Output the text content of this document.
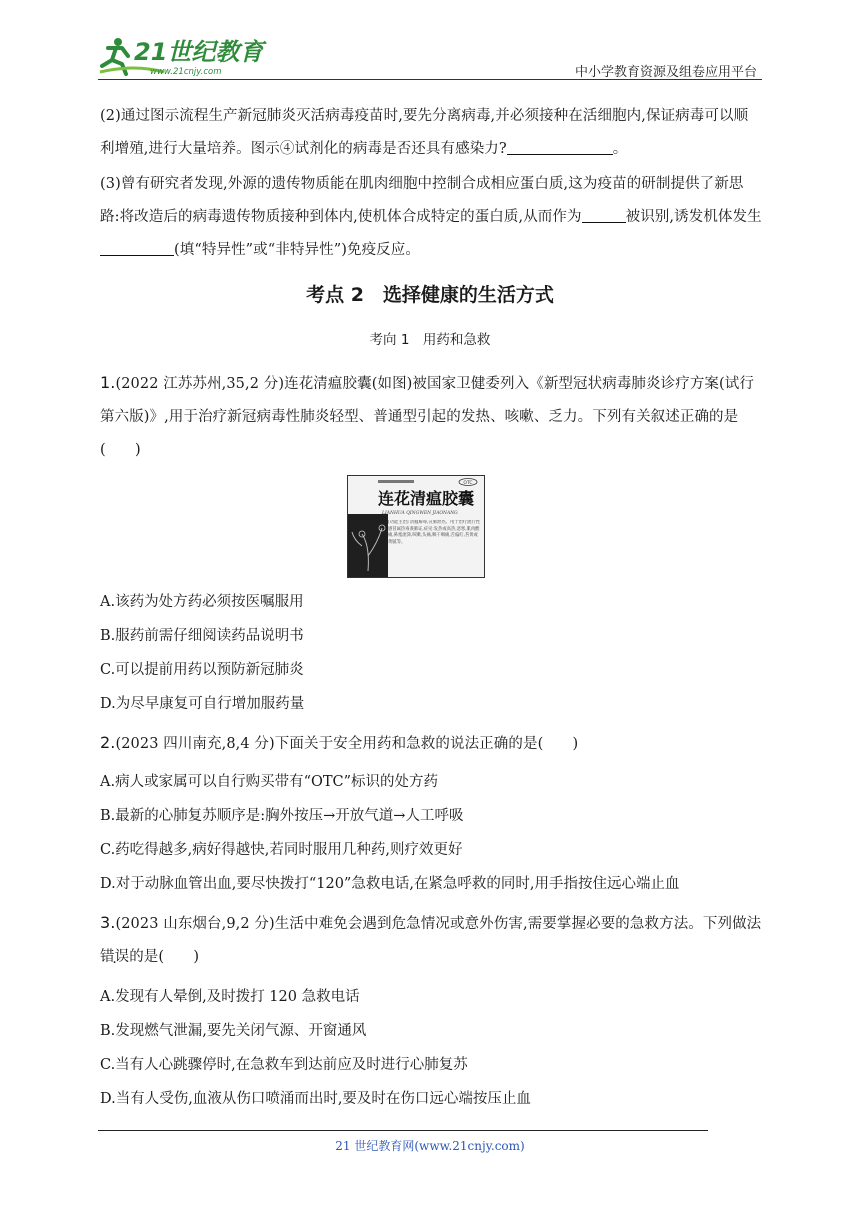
21世纪教育
www.21cnjy.com	中小学教育资源及组卷应用平台
(2)通过图示流程生产新冠肺炎灭活病毒疫苗时,要先分离病毒,并必须接种在活细胞内,保证病毒可以顺利增殖,进行大量培养。图示④试剂化的病毒是否还具有感染力?	。
(3)曾有研究者发现,外源的遗传物质能在肌肉细胞中控制合成相应蛋白质,这为疫苗的研制提供了新思路:将改造后的病毒遗传物质接种到体内,使机体合成特定的蛋白质,从而作为	被识别,诱发机体发生(填“特异性”或“非特异性”)免疫反应。
考点 2　选择健康的生活方式
考向 1　用药和急救
1.(2022 江苏苏州,35,2 分)连花清瘟胶囊(如图)被国家卫健委列入《新型冠状病毒肺炎诊疗方案(试行第六版)》,用于治疗新冠病毒性肺炎轻型、普通型引起的发热、咳嗽、乏力。下列有关叙述正确的是
(　　)
OTC
连花清瘟胶囊
LIANHUA QINGWEN JIAONANG
[功能主治] 清瘟解毒,宣肺泄热。用于治疗流行性感冒属热毒袭肺证,症见:发热或高热,恶寒,肌肉酸痛,鼻塞流涕,咳嗽,头痛,咽干咽痛,舌偏红,苔黄或黄腻等。
A.该药为处方药必须按医嘱服用
B.服药前需仔细阅读药品说明书
C.可以提前用药以预防新冠肺炎
D.为尽早康复可自行增加服药量
2.(2023 四川南充,8,4 分)下面关于安全用药和急救的说法正确的是(　　)
A.病人或家属可以自行购买带有“OTC”标识的处方药
B.最新的心肺复苏顺序是:胸外按压→开放气道→人工呼吸
C.药吃得越多,病好得越快,若同时服用几种药,则疗效更好
D.对于动脉血管出血,要尽快拨打“120”急救电话,在紧急呼救的同时,用手指按住远心端止血
3.(2023 山东烟台,9,2 分)生活中难免会遇到危急情况或意外伤害,需要掌握必要的急救方法。下列做法错误的是(　　)
A.发现有人晕倒,及时拨打 120 急救电话
B.发现燃气泄漏,要先关闭气源、开窗通风
C.当有人心跳骤停时,在急救车到达前应及时进行心肺复苏
D.当有人受伤,血液从伤口喷涌而出时,要及时在伤口远心端按压止血
21 世纪教育网(www.21cnjy.com)
